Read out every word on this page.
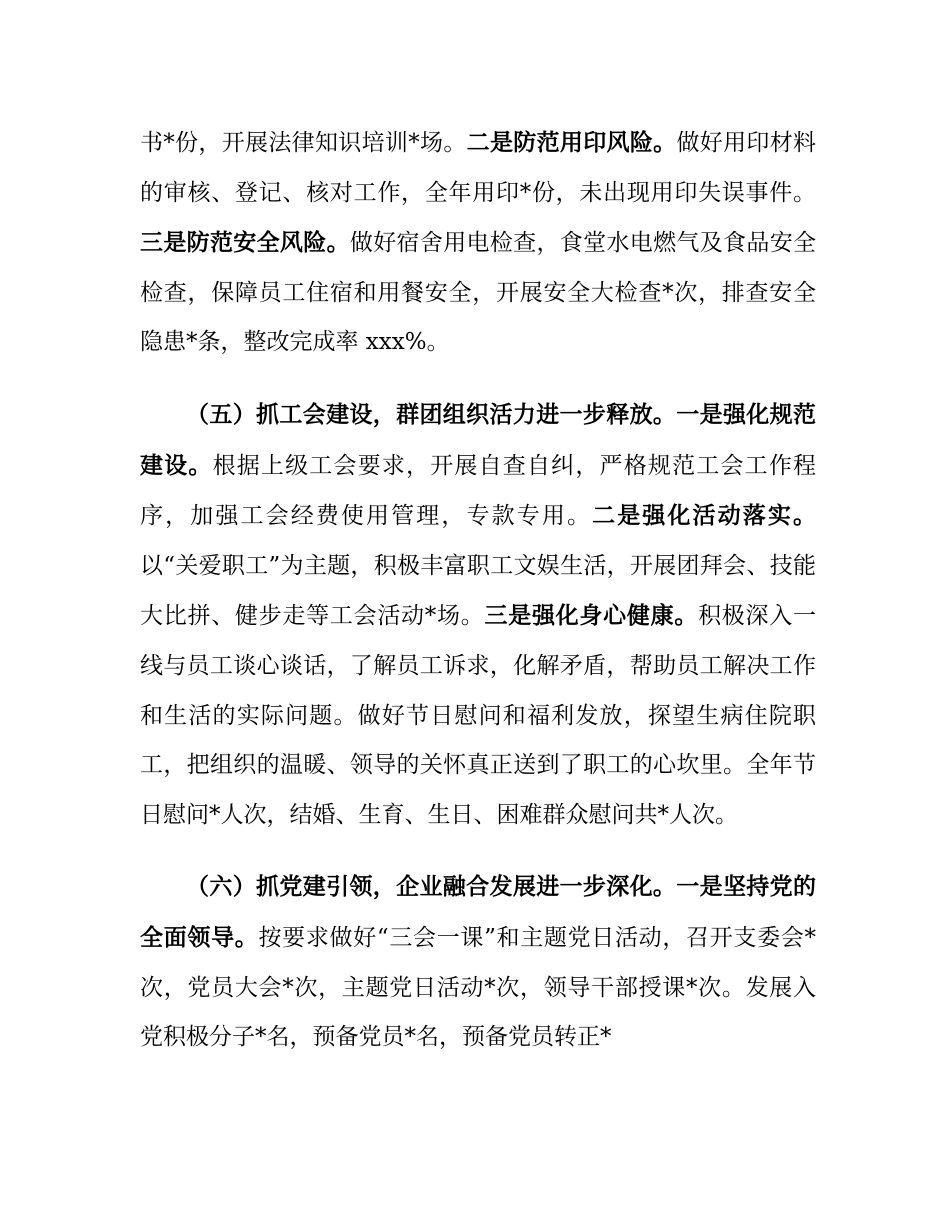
书*份，开展法律知识培训*场。二是防范用印风险。做好用印材料的审核、登记、核对工作，全年用印*份，未出现用印失误事件。三是防范安全风险。做好宿舍用电检查，食堂水电燃气及食品安全检查，保障员工住宿和用餐安全，开展安全大检查*次，排查安全隐患*条，整改完成率 xxx%。

（五）抓工会建设，群团组织活力进一步释放。一是强化规范建设。根据上级工会要求，开展自查自纠，严格规范工会工作程序，加强工会经费使用管理，专款专用。二是强化活动落实。以“关爱职工”为主题，积极丰富职工文娱生活，开展团拜会、技能大比拼、健步走等工会活动*场。三是强化身心健康。积极深入一线与员工谈心谈话，了解员工诉求，化解矛盾，帮助员工解决工作和生活的实际问题。做好节日慰问和福利发放，探望生病住院职工，把组织的温暖、领导的关怀真正送到了职工的心坎里。全年节日慰问*人次，结婚、生育、生日、困难群众慰问共*人次。

（六）抓党建引领，企业融合发展进一步深化。一是坚持党的全面领导。按要求做好“三会一课”和主题党日活动，召开支委会*次，党员大会*次，主题党日活动*次，领导干部授课*次。发展入党积极分子*名，预备党员*名，预备党员转正*
